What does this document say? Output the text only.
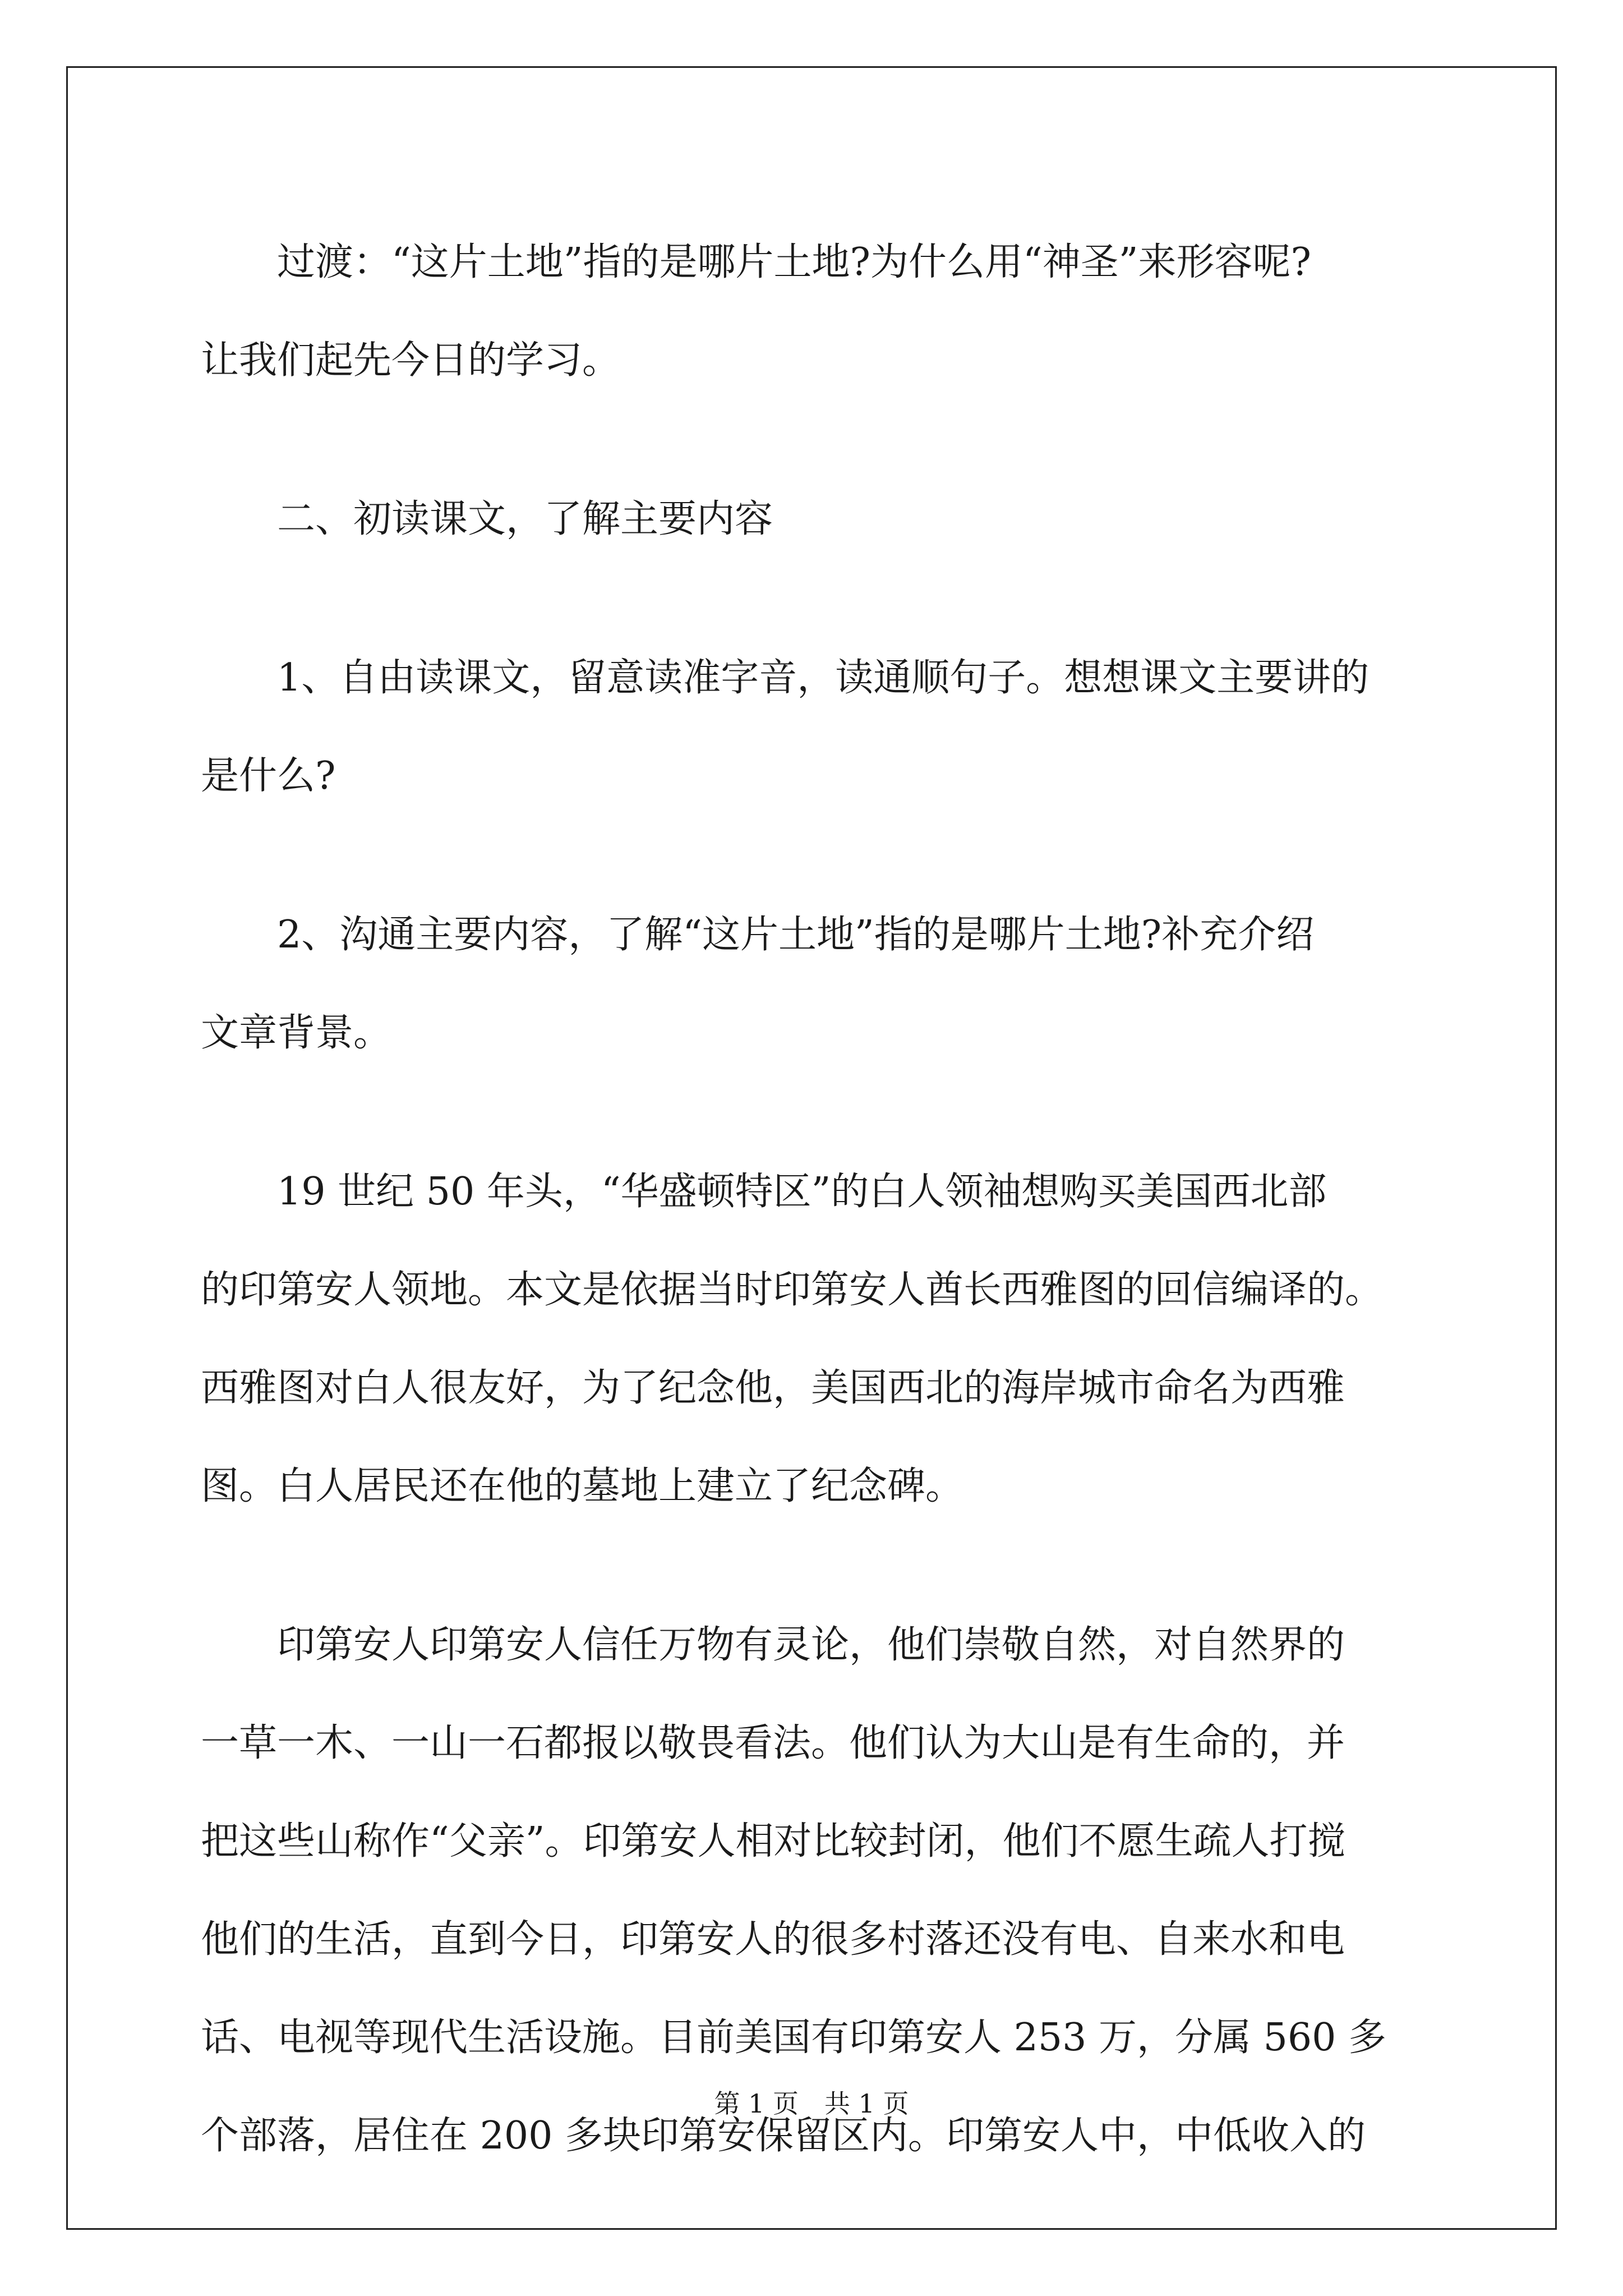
过渡：“这片土地”指的是哪片土地?为什么用“神圣”来形容呢?
让我们起先今日的学习。

二、初读课文，了解主要内容

1、自由读课文，留意读准字音，读通顺句子。想想课文主要讲的
是什么?

2、沟通主要内容，了解“这片土地”指的是哪片土地?补充介绍
文章背景。

19 世纪 50 年头，“华盛顿特区”的白人领袖想购买美国西北部
的印第安人领地。本文是依据当时印第安人酋长西雅图的回信编译的。
西雅图对白人很友好，为了纪念他，美国西北的海岸城市命名为西雅
图。白人居民还在他的墓地上建立了纪念碑。

印第安人印第安人信任万物有灵论，他们崇敬自然，对自然界的
一草一木、一山一石都报以敬畏看法。他们认为大山是有生命的，并
把这些山称作“父亲”。印第安人相对比较封闭，他们不愿生疏人打搅
他们的生活，直到今日，印第安人的很多村落还没有电、自来水和电
话、电视等现代生活设施。目前美国有印第安人 253 万，分属 560 多
个部落，居住在 200 多块印第安保留区内。印第安人中，中低收入的

第 1 页　共 1 页
